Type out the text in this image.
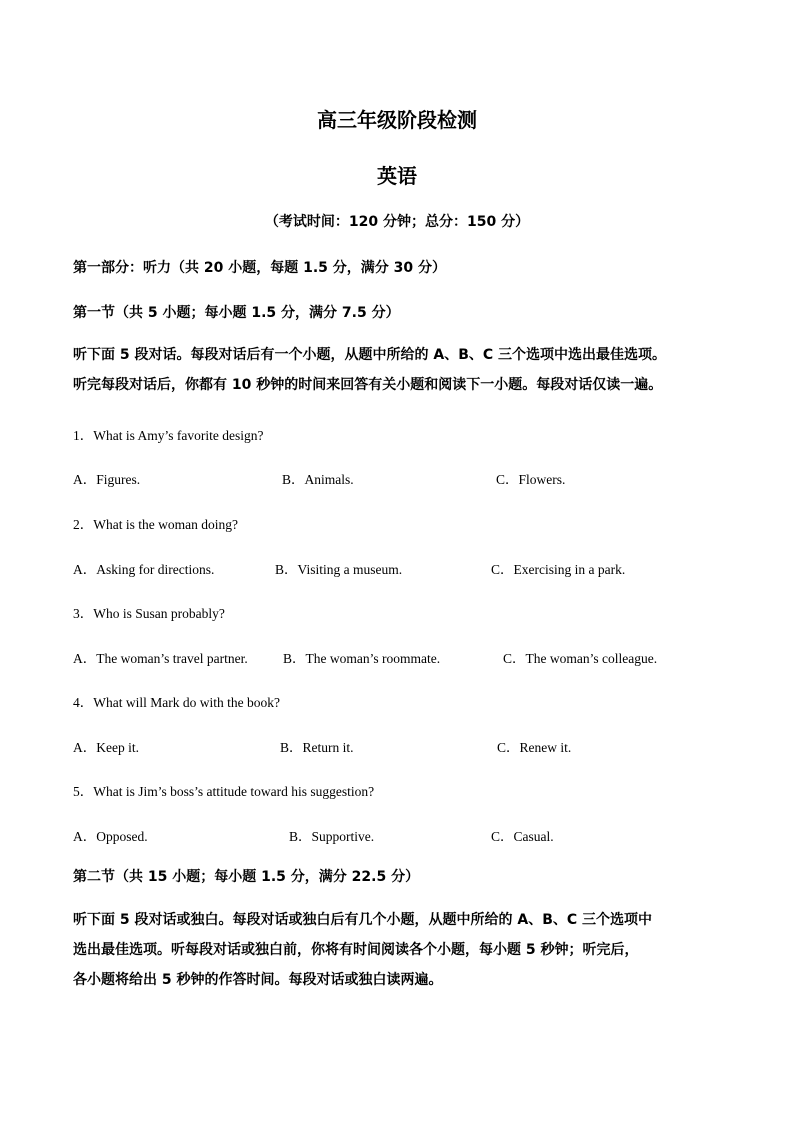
高三年级阶段检测
英语
（考试时间：120 分钟；总分：150 分）
第一部分：听力（共 20 小题，每题 1.5 分，满分 30 分）
第一节（共 5 小题；每小题 1.5 分，满分 7.5 分）
听下面 5 段对话。每段对话后有一个小题，从题中所给的 A、B、C 三个选项中选出最佳选项。
听完每段对话后，你都有 10 秒钟的时间来回答有关小题和阅读下一小题。每段对话仅读一遍。
1．What is Amy’s favorite design?
A．Figures.	B．Animals.	C．Flowers.
2．What is the woman doing?
A．Asking for directions.	B．Visiting a museum.	C．Exercising in a park.
3．Who is Susan probably?
A．The woman’s travel partner.	B．The woman’s roommate.	C．The woman’s colleague.
4．What will Mark do with the book?
A．Keep it.	B．Return it.	C．Renew it.
5．What is Jim’s boss’s attitude toward his suggestion?
A．Opposed.	B．Supportive.	C．Casual.
第二节（共 15 小题；每小题 1.5 分，满分 22.5 分）
听下面 5 段对话或独白。每段对话或独白后有几个小题，从题中所给的 A、B、C 三个选项中
选出最佳选项。听每段对话或独白前，你将有时间阅读各个小题，每小题 5 秒钟；听完后，
各小题将给出 5 秒钟的作答时间。每段对话或独白读两遍。
